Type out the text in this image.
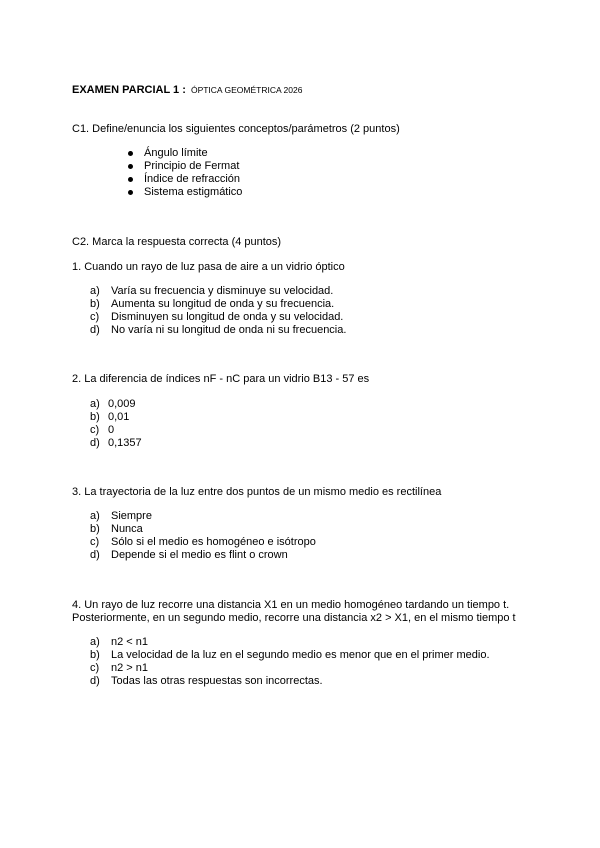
EXAMEN PARCIAL 1 : ÓPTICA GEOMÉTRICA 2026
C1. Define/enuncia los siguientes conceptos/parámetros (2 puntos)
Ángulo límite
Principio de Fermat
Índice de refracción
Sistema estigmático
C2. Marca la respuesta correcta (4 puntos)
1. Cuando un rayo de luz pasa de aire a un vidrio óptico
a) Varía su frecuencia y disminuye su velocidad.
b) Aumenta su longitud de onda y su frecuencia.
c) Disminuyen su longitud de onda y su velocidad.
d) No varía ni su longitud de onda ni su frecuencia.
2. La diferencia de índices nF - nC para un vidrio B13 - 57 es
a) 0,009
b) 0,01
c) 0
d) 0,1357
3. La trayectoria de la luz entre dos puntos de un mismo medio es rectilínea
a) Siempre
b) Nunca
c) Sólo si el medio es homogéneo e isótropo
d) Depende si el medio es flint o crown
4. Un rayo de luz recorre una distancia X1 en un medio homogéneo tardando un tiempo t.
Posteriormente, en un segundo medio, recorre una distancia x2 > X1, en el mismo tiempo t
a) n2 < n1
b) La velocidad de la luz en el segundo medio es menor que en el primer medio.
c) n2 > n1
d) Todas las otras respuestas son incorrectas.
